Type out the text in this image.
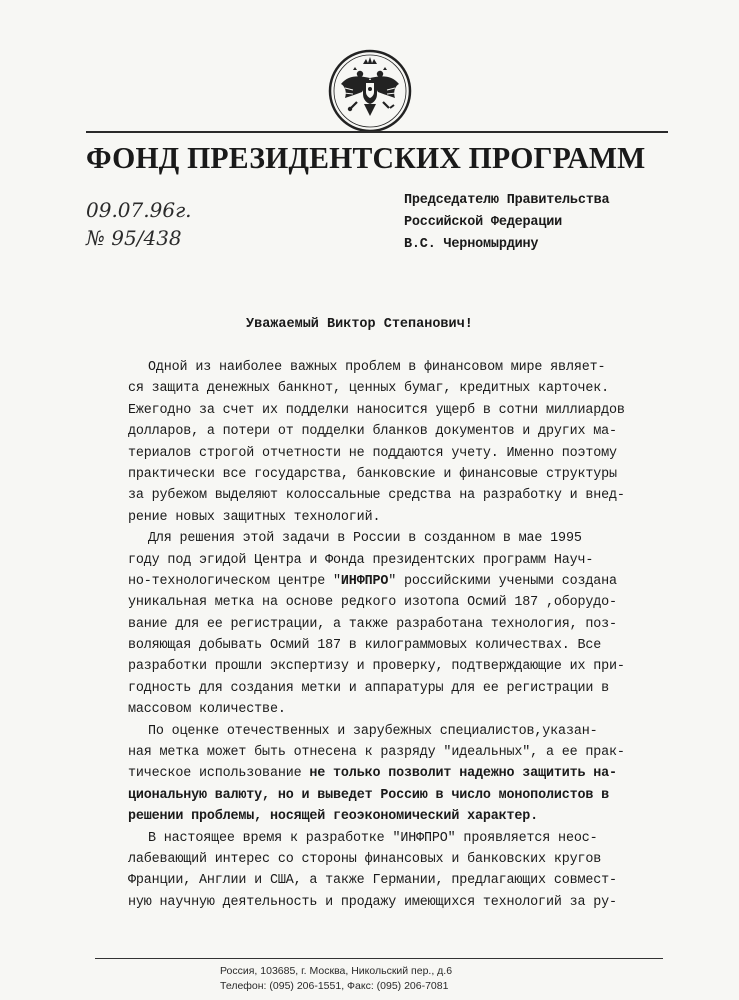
ФОНД ПРЕЗИДЕНТСКИХ ПРОГРАММ
09.07.96г.
№ 95/438
Председателю Правительства
Российской Федерации
В.С. Черномырдину
Уважаемый Виктор Степанович!
Одной из наиболее важных проблем в финансовом мире являет-
ся защита денежных банкнот, ценных бумаг, кредитных карточек.
Ежегодно за счет их подделки наносится ущерб в сотни миллиардов
долларов, а потери от подделки бланков документов и других ма-
териалов строгой отчетности не поддаются учету. Именно поэтому
практически все государства, банковские и финансовые структуры
за рубежом выделяют колоссальные средства на разработку и внед-
рение новых защитных технологий.
Для решения этой задачи в России в созданном в мае 1995
году под эгидой Центра и Фонда президентских программ Науч-
но-технологическом центре "ИНФПРО" российскими учеными создана
уникальная метка на основе редкого изотопа Осмий 187 ,оборудо-
вание для ее регистрации, а также разработана технология, поз-
воляющая добывать Осмий 187 в килограммовых количествах. Все
разработки прошли экспертизу и проверку, подтверждающие их при-
годность для создания метки и аппаратуры для ее регистрации в
массовом количестве.
По оценке отечественных и зарубежных специалистов,указан-
ная метка может быть отнесена к разряду "идеальных", а ее прак-
тическое использование не только позволит надежно защитить на-
циональную валюту, но и выведет Россию в число монополистов в
решении проблемы, носящей геоэкономический характер.
В настоящее время к разработке "ИНФПРО" проявляется неос-
лабевающий интерес со стороны финансовых и банковских кругов
Франции, Англии и США, а также Германии, предлагающих совмест-
ную научную деятельность и продажу имеющихся технологий за ру-
Россия, 103685, г. Москва, Никольский пер., д.6
Телефон: (095) 206-1551, Факс: (095) 206-7081
